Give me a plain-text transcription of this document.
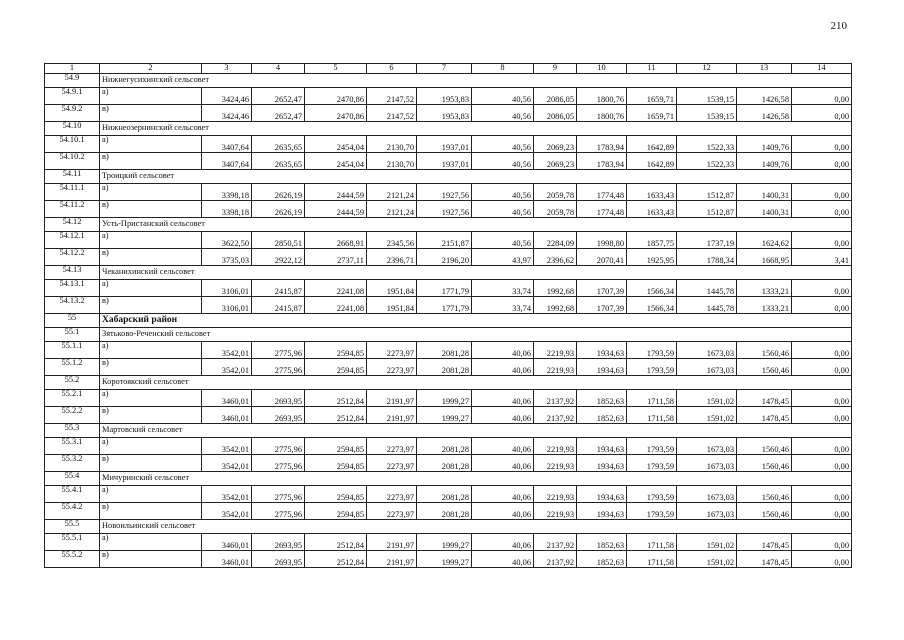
210
1	2	3	4	5	6	7	8	9	10	11	12	13	14
54.9	Нижнегусихинский сельсовет												
54.9.1	а)	3424,46	2652,47	2470,86	2147,52	1953,83	40,56	2086,05	1800,76	1659,71	1539,15	1426,58	0,00
54.9.2	в)	3424,46	2652,47	2470,86	2147,52	1953,83	40,56	2086,05	1800,76	1659,71	1539,15	1426,58	0,00
54.10	Нижнеозернинский сельсовет												
54.10.1	а)	3407,64	2635,65	2454,04	2130,70	1937,01	40,56	2069,23	1783,94	1642,89	1522,33	1409,76	0,00
54.10.2	в)	3407,64	2635,65	2454,04	2130,70	1937,01	40,56	2069,23	1783,94	1642,89	1522,33	1409,76	0,00
54.11	Троицкий сельсовет												
54.11.1	а)	3398,18	2626,19	2444,59	2121,24	1927,56	40,56	2059,78	1774,48	1633,43	1512,87	1400,31	0,00
54.11.2	в)	3398,18	2626,19	2444,59	2121,24	1927,56	40,56	2059,78	1774,48	1633,43	1512,87	1400,31	0,00
54.12	Усть-Пристанский сельсовет												
54.12.1	а)	3622,50	2850,51	2668,91	2345,56	2151,87	40,56	2284,09	1998,80	1857,75	1737,19	1624,62	0,00
54.12.2	в)	3735,03	2922,12	2737,11	2396,71	2196,20	43,97	2396,62	2070,41	1925,95	1788,34	1668,95	3,41
54.13	Чеканихинский сельсовет												
54.13.1	а)	3106,01	2415,87	2241,08	1951,84	1771,79	33,74	1992,68	1707,39	1566,34	1445,78	1333,21	0,00
54.13.2	в)	3106,01	2415,87	2241,08	1951,84	1771,79	33,74	1992,68	1707,39	1566,34	1445,78	1333,21	0,00
55	Хабарский район												
55.1	Зятьково-Реченский сельсовет												
55.1.1	а)	3542,01	2775,96	2594,85	2273,97	2081,28	40,06	2219,93	1934,63	1793,59	1673,03	1560,46	0,00
55.1.2	в)	3542,01	2775,96	2594,85	2273,97	2081,28	40,06	2219,93	1934,63	1793,59	1673,03	1560,46	0,00
55.2	Коротоякский сельсовет												
55.2.1	а)	3460,01	2693,95	2512,84	2191,97	1999,27	40,06	2137,92	1852,63	1711,58	1591,02	1478,45	0,00
55.2.2	в)	3460,01	2693,95	2512,84	2191,97	1999,27	40,06	2137,92	1852,63	1711,58	1591,02	1478,45	0,00
55.3	Мартовский сельсовет												
55.3.1	а)	3542,01	2775,96	2594,85	2273,97	2081,28	40,06	2219,93	1934,63	1793,59	1673,03	1560,46	0,00
55.3.2	в)	3542,01	2775,96	2594,85	2273,97	2081,28	40,06	2219,93	1934,63	1793,59	1673,03	1560,46	0,00
55.4	Мичуринский сельсовет												
55.4.1	а)	3542,01	2775,96	2594,85	2273,97	2081,28	40,06	2219,93	1934,63	1793,59	1673,03	1560,46	0,00
55.4.2	в)	3542,01	2775,96	2594,85	2273,97	2081,28	40,06	2219,93	1934,63	1793,59	1673,03	1560,46	0,00
55.5	Новоильинский сельсовет												
55.5.1	а)	3460,01	2693,95	2512,84	2191,97	1999,27	40,06	2137,92	1852,63	1711,58	1591,02	1478,45	0,00
55.5.2	в)	3460,01	2693,95	2512,84	2191,97	1999,27	40,06	2137,92	1852,63	1711,58	1591,02	1478,45	0,00
